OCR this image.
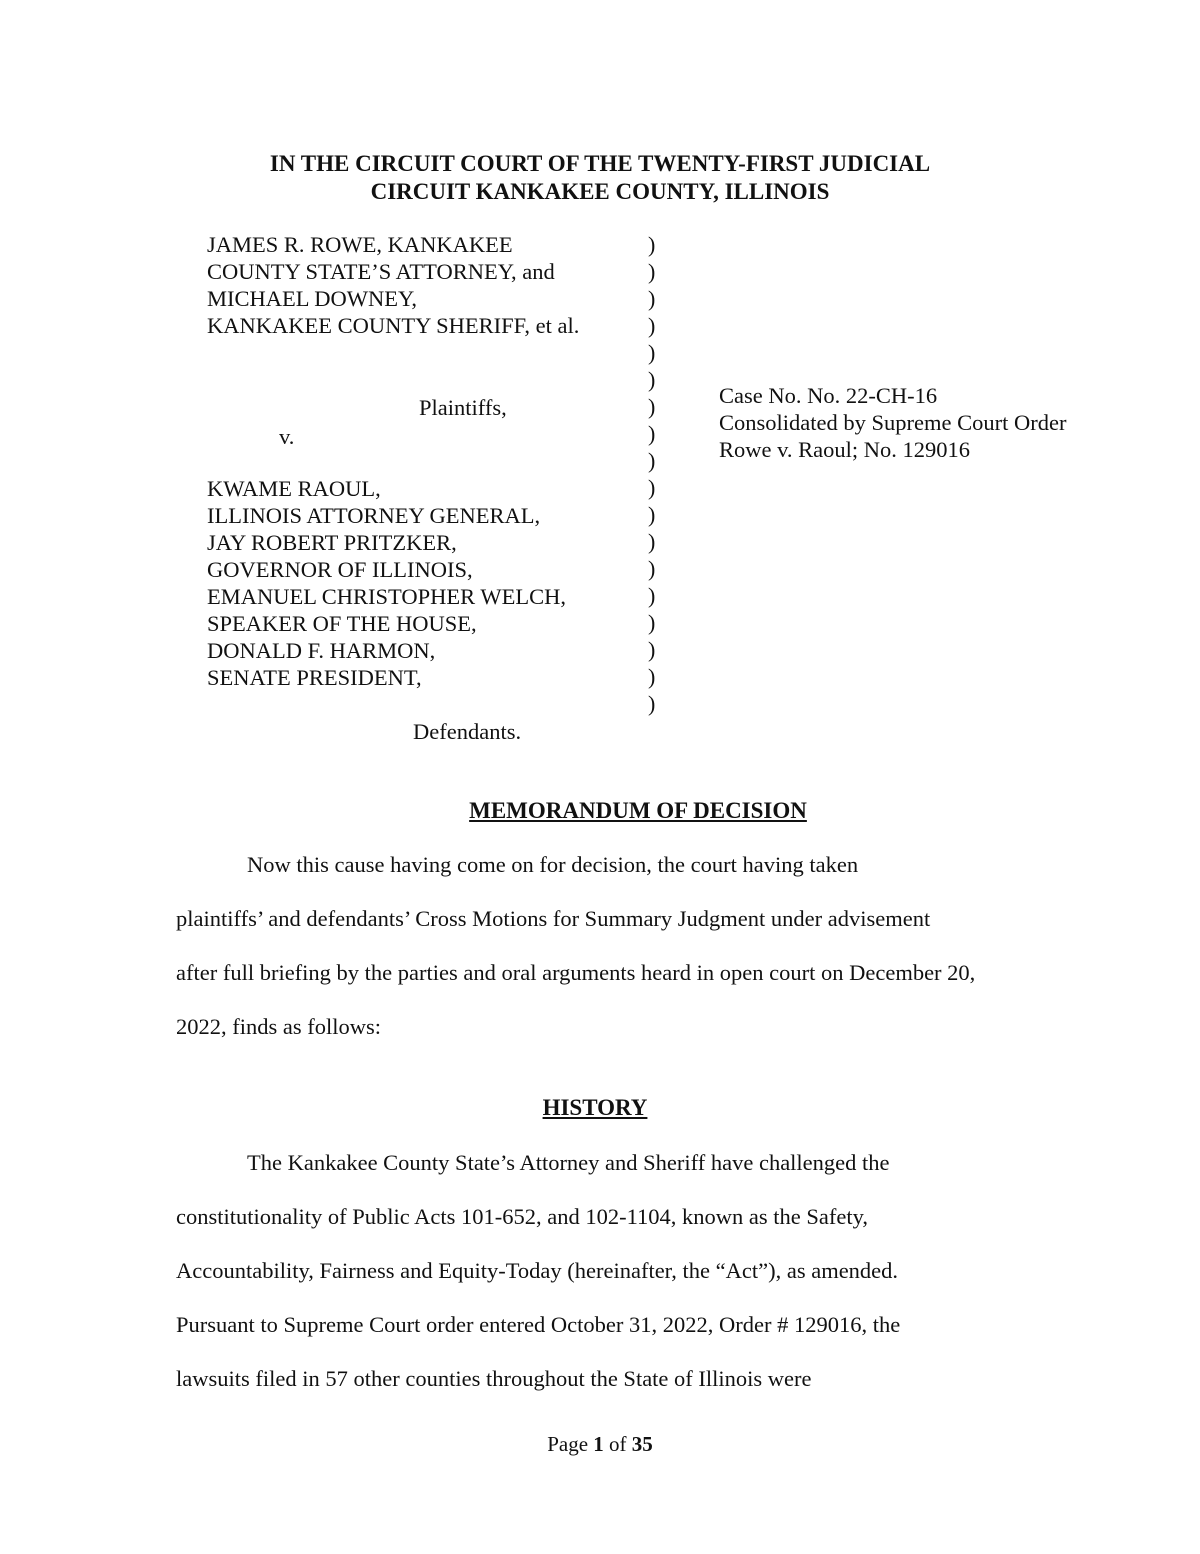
IN THE CIRCUIT COURT OF THE TWENTY-FIRST JUDICIAL
CIRCUIT KANKAKEE COUNTY, ILLINOIS
JAMES R. ROWE, KANKAKEE
COUNTY STATE’S ATTORNEY, and
MICHAEL DOWNEY,
KANKAKEE COUNTY SHERIFF, et al.
Plaintiffs,
v.
KWAME RAOUL,
ILLINOIS ATTORNEY GENERAL,
JAY ROBERT PRITZKER,
GOVERNOR OF ILLINOIS,
EMANUEL CHRISTOPHER WELCH,
SPEAKER OF THE HOUSE,
DONALD F. HARMON,
SENATE PRESIDENT,
Defendants.
)
)
)
)
)
)
)
)
)
)
)
)
)
)
)
)
)
)
Case No. No. 22-CH-16
Consolidated by Supreme Court Order
Rowe v. Raoul; No. 129016
MEMORANDUM OF DECISION
Now this cause having come on for decision, the court having taken
plaintiffs’ and defendants’ Cross Motions for Summary Judgment under advisement
after full briefing by the parties and oral arguments heard in open court on December 20,
2022, finds as follows:
HISTORY
The Kankakee County State’s Attorney and Sheriff have challenged the
constitutionality of Public Acts 101-652, and 102-1104, known as the Safety,
Accountability, Fairness and Equity-Today (hereinafter, the “Act”), as amended.
Pursuant to Supreme Court order entered October 31, 2022, Order # 129016, the
lawsuits filed in 57 other counties throughout the State of Illinois were
Page 1 of 35
